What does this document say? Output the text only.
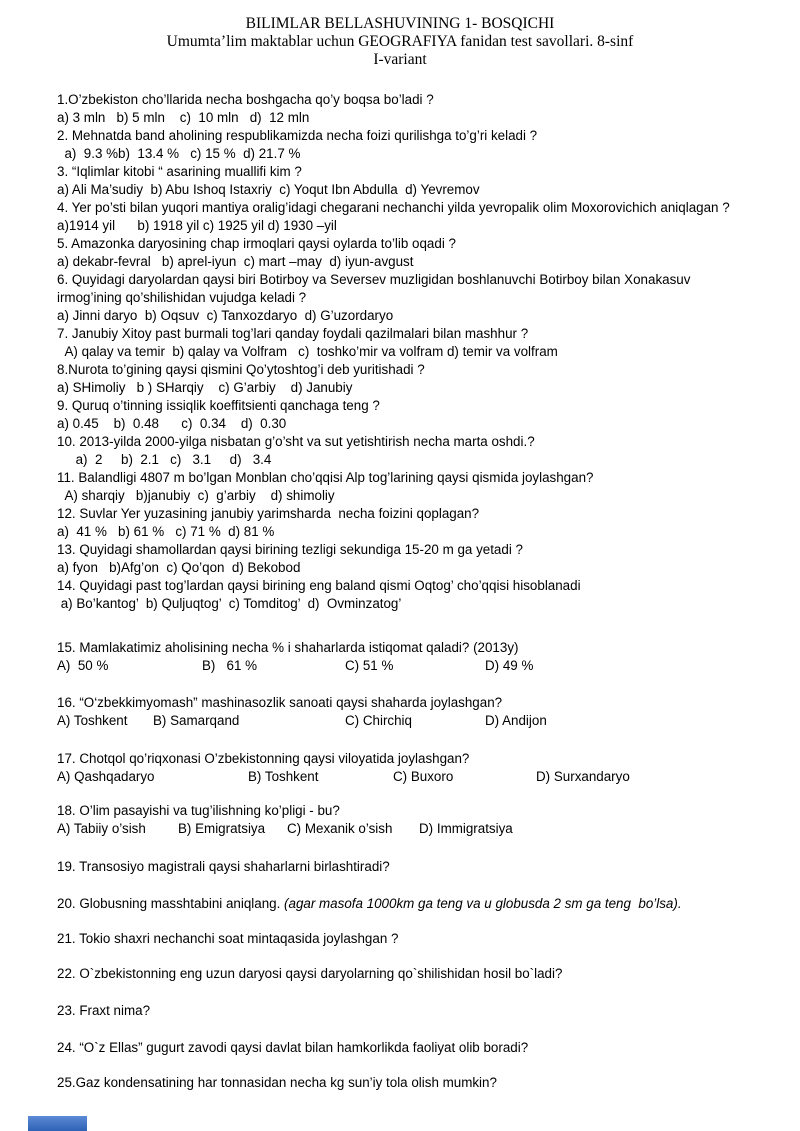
BILIMLAR BELLASHUVINING 1- BOSQICHI
Umumta’lim maktablar uchun GEOGRAFIYA fanidan test savollari. 8-sinf
I-variant
1.O’zbekiston cho’llarida necha boshgacha qo’y boqsa bo’ladi ?
a) 3 mln   b) 5 mln    c)  10 mln   d)  12 mln
2. Mehnatda band aholining respublikamizda necha foizi qurilishga to’g’ri keladi ?
a)  9.3 %b)  13.4 %   c) 15 %  d) 21.7 %
3. “Iqlimlar kitobi “ asarining muallifi kim ?
a) Ali Ma’sudiy  b) Abu Ishoq Istaxriy  c) Yoqut Ibn Abdulla  d) Yevremov
4. Yer po’sti bilan yuqori mantiya oralig’idagi chegarani nechanchi yilda yevropalik olim Moxorovichich aniqlagan ?
a)1914 yil      b) 1918 yil c) 1925 yil d) 1930 –yil
5. Amazonka daryosining chap irmoqlari qaysi oylarda to’lib oqadi ?
a) dekabr-fevral   b) aprel-iyun  c) mart –may  d) iyun-avgust
6. Quyidagi daryolardan qaysi biri Botirboy va Seversev muzligidan boshlanuvchi Botirboy bilan Xonakasuv irmog’ining qo’shilishidan vujudga keladi ?
a) Jinni daryo  b) Oqsuv  c) Tanxozdaryo  d) G’uzordaryo
7. Janubiy Xitoy past burmali tog’lari qanday foydali qazilmalari bilan mashhur ?
A) qalay va temir  b) qalay va Volfram   c)  toshko’mir va volfram d) temir va volfram
8.Nurota to’gining qaysi qismini Qo’ytoshtog’i deb yuritishadi ?
a) SHimoliy   b ) SHarqiy    c) G’arbiy    d) Janubiy
9. Quruq o’tinning issiqlik koeffitsienti qanchaga teng ?
a) 0.45    b)  0.48      c)  0.34    d)  0.30
10. 2013-yilda 2000-yilga nisbatan g’o’sht va sut yetishtirish necha marta oshdi.?
a)  2     b)  2.1   c)   3.1     d)   3.4
11. Balandligi 4807 m bo’lgan Monblan cho’qqisi Alp tog’larining qaysi qismida joylashgan?
A) sharqiy   b)janubiy  c)  g’arbiy    d) shimoliy
12. Suvlar Yer yuzasining janubiy yarimsharda  necha foizini qoplagan?
a)  41 %   b) 61 %   c) 71 %  d) 81 %
13. Quyidagi shamollardan qaysi birining tezligi sekundiga 15-20 m ga yetadi ?
a) fyon   b)Afg’on  c) Qo’qon  d) Bekobod
14. Quyidagi past tog’lardan qaysi birining eng baland qismi Oqtog’ cho’qqisi hisoblanadi
a) Bo’kantog’  b) Quljuqtog’  c) Tomditog’  d)  Ovminzatog’
15. Mamlakatimiz aholisining necha % i shaharlarda istiqomat qaladi? (2013y)
A)  50 %	B)   61 %	C) 51 %	D) 49 %
16. “O‘zbekkimyomash” mashinasozlik sanoati qaysi shaharda joylashgan?
A) Toshkent B) Samarqand	C) Chirchiq	D) Andijon
17. Chotqol qo’riqxonasi O’zbekistonning qaysi viloyatida joylashgan?
A) Qashqadaryo	B) Toshkent	C) Buxoro	D) Surxandaryo
18. O’lim pasayishi va tug’ilishning ko’pligi - bu?
A) Tabiiy o’sish B) Emigratsiya C) Mexanik o’sish D) Immigratsiya
19. Transosiyo magistrali qaysi shaharlarni birlashtiradi?
20. Globusning masshtabini aniqlang. (agar masofa 1000km ga teng va u globusda 2 sm ga teng  bo’lsa).
21. Tokio shaxri nechanchi soat mintaqasida joylashgan ?
22. O`zbekistonning eng uzun daryosi qaysi daryolarning qo`shilishidan hosil bo`ladi?
23. Fraxt nima?
24. “O`z Ellas” gugurt zavodi qaysi davlat bilan hamkorlikda faoliyat olib boradi?
25.Gaz kondensatining har tonnasidan necha kg sun’iy tola olish mumkin?
